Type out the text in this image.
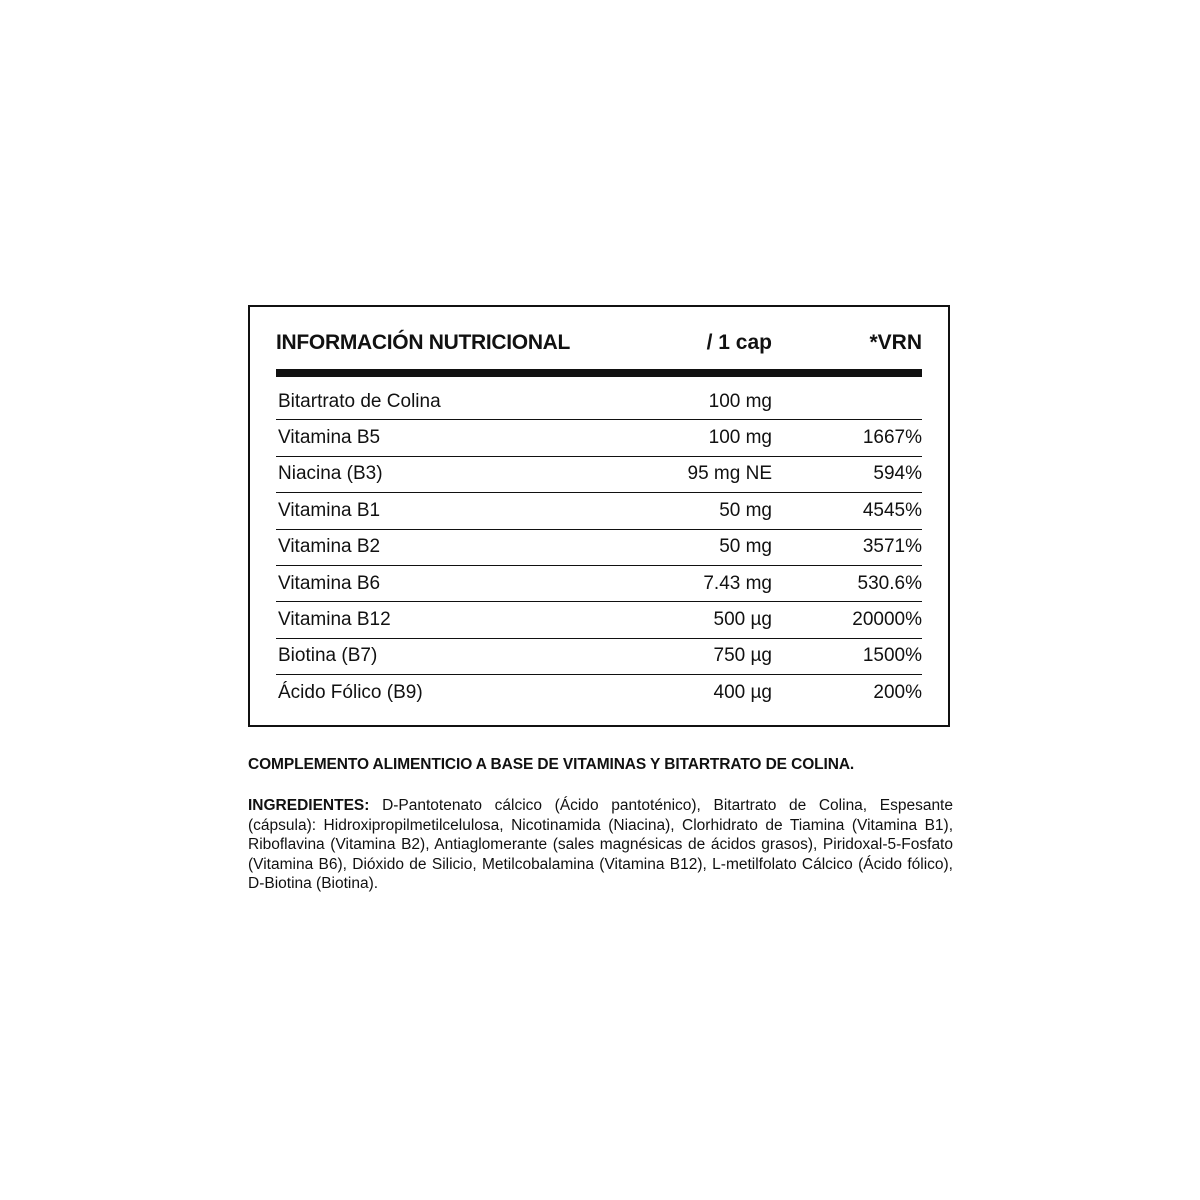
INFORMACIÓN NUTRICIONAL	/ 1 cap	*VRN
Bitartrato de Colina	100 mg
Vitamina B5	100 mg	1667%
Niacina (B3)	95 mg NE	594%
Vitamina B1	50 mg	4545%
Vitamina B2	50 mg	3571%
Vitamina B6	7.43 mg	530.6%
Vitamina B12	500 µg	20000%
Biotina (B7)	750 µg	1500%
Ácido Fólico (B9)	400 µg	200%
COMPLEMENTO ALIMENTICIO A BASE DE VITAMINAS Y BITARTRATO DE COLINA.
INGREDIENTES: D-Pantotenato cálcico (Ácido pantoténico), Bitartrato de Colina, Espesante (cápsula): Hidroxipropilmetilcelulosa, Nicotinamida (Niacina), Clorhidrato de Tiamina (Vitamina B1), Riboflavina (Vitamina B2), Antiaglomerante (sales magnésicas de ácidos grasos), Piridoxal-5-Fosfato (Vitamina B6), Dióxido de Silicio, Metilcobalamina (Vitamina B12), L-metilfolato Cálcico (Ácido fólico), D-Biotina (Biotina).
